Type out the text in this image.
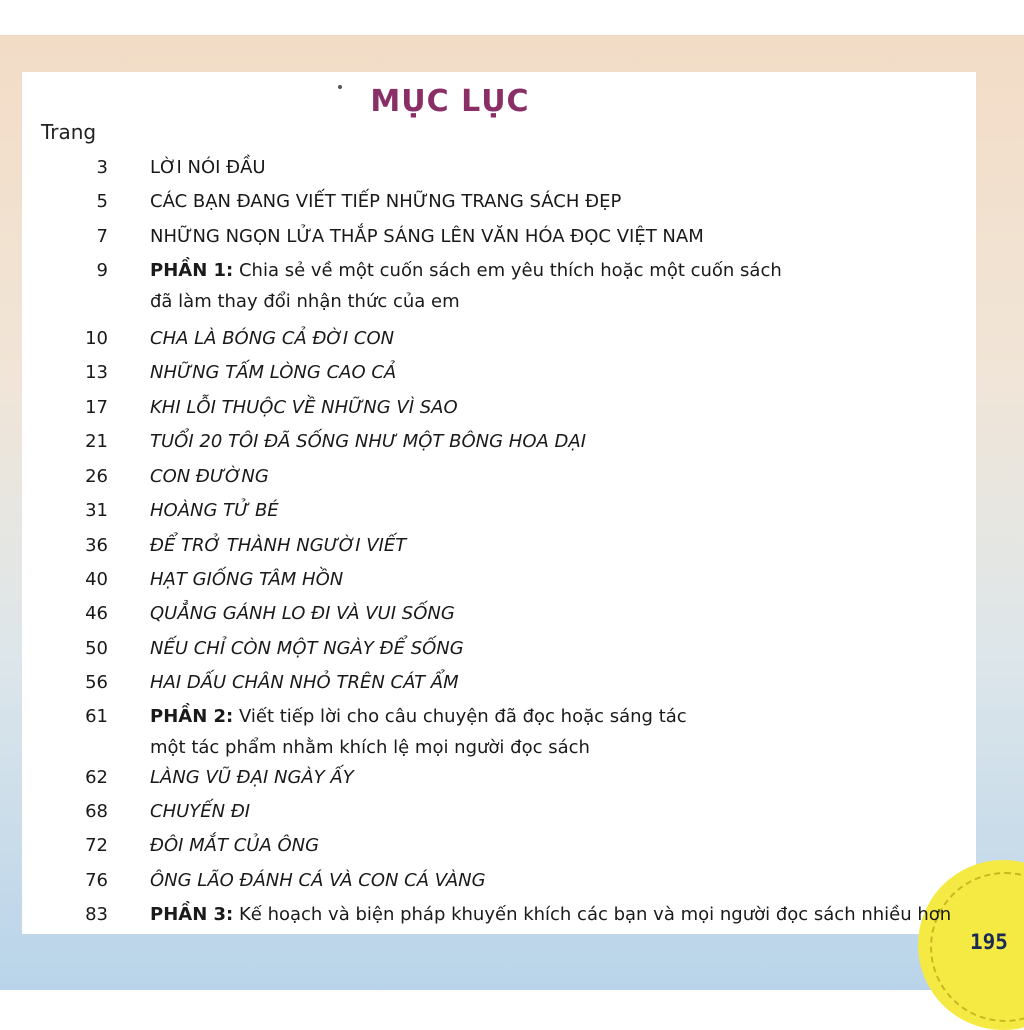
195
MỤC LỤC
Trang
3 LỜI NÓI ĐẦU
5 CÁC BẠN ĐANG VIẾT TIẾP NHỮNG TRANG SÁCH ĐẸP
7 NHỮNG NGỌN LỬA THẮP SÁNG LÊN VĂN HÓA ĐỌC VIỆT NAM
9 PHẦN 1: Chia sẻ về một cuốn sách em yêu thích hoặc một cuốn sách
đã làm thay đổi nhận thức của em
10 CHA LÀ BÓNG CẢ ĐỜI CON
13 NHỮNG TẤM LÒNG CAO CẢ
17 KHI LỖI THUỘC VỀ NHỮNG VÌ SAO
21 TUỔI 20 TÔI ĐÃ SỐNG NHƯ MỘT BÔNG HOA DẠI
26 CON ĐƯỜNG
31 HOÀNG TỬ BÉ
36 ĐỂ TRỞ THÀNH NGƯỜI VIẾT
40 HẠT GIỐNG TÂM HỒN
46 QUẲNG GÁNH LO ĐI VÀ VUI SỐNG
50 NẾU CHỈ CÒN MỘT NGÀY ĐỂ SỐNG
56 HAI DẤU CHÂN NHỎ TRÊN CÁT ẨM
61 PHẦN 2: Viết tiếp lời cho câu chuyện đã đọc hoặc sáng tác
một tác phẩm nhằm khích lệ mọi người đọc sách
62 LÀNG VŨ ĐẠI NGÀY ẤY
68 CHUYẾN ĐI
72 ĐÔI MẮT CỦA ÔNG
76 ÔNG LÃO ĐÁNH CÁ VÀ CON CÁ VÀNG
83 PHẦN 3: Kế hoạch và biện pháp khuyến khích các bạn và mọi người đọc sách nhiều hơn
